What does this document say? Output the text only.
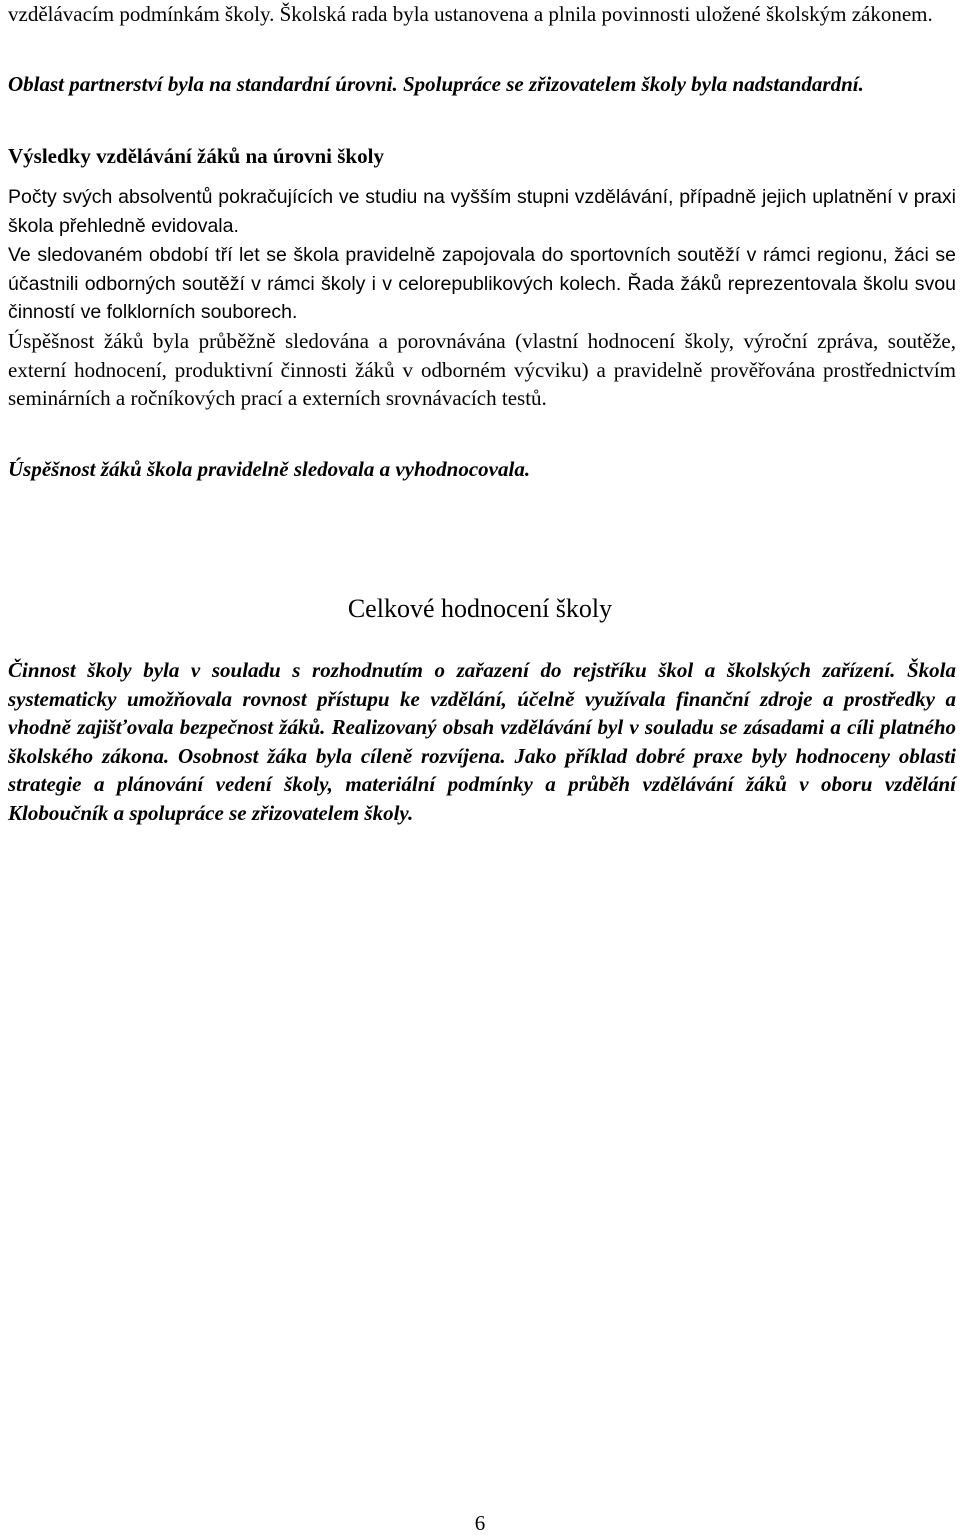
vzdělávacím podmínkám školy. Školská rada byla ustanovena a plnila povinnosti uložené školským zákonem.

Oblast partnerství byla na standardní úrovni. Spolupráce se zřizovatelem školy byla nadstandardní.

Výsledky vzdělávání žáků na úrovni školy

Počty svých absolventů pokračujících ve studiu na vyšším stupni vzdělávání, případně jejich uplatnění v praxi škola přehledně evidovala.

Ve sledovaném období tří let se škola pravidelně zapojovala do sportovních soutěží v rámci regionu, žáci se účastnili odborných soutěží v rámci školy i v celorepublikových kolech. Řada žáků reprezentovala školu svou činností ve folklorních souborech.

Úspěšnost žáků byla průběžně sledována a porovnávána (vlastní hodnocení školy, výroční zpráva, soutěže, externí hodnocení, produktivní činnosti žáků v odborném výcviku) a pravidelně prověřována prostřednictvím seminárních a ročníkových prací a externích srovnávacích testů.

Úspěšnost žáků škola pravidelně sledovala a vyhodnocovala.

Celkové hodnocení školy

Činnost školy byla v souladu s rozhodnutím o zařazení do rejstříku škol a školských zařízení. Škola systematicky umožňovala rovnost přístupu ke vzdělání, účelně využívala finanční zdroje a prostředky a vhodně zajišťovala bezpečnost žáků. Realizovaný obsah vzdělávání byl v souladu se zásadami a cíli platného školského zákona. Osobnost žáka byla cíleně rozvíjena. Jako příklad dobré praxe byly hodnoceny oblasti strategie a plánování vedení školy, materiální podmínky a průběh vzdělávání žáků v oboru vzdělání Kloboučník a spolupráce se zřizovatelem školy.

6
